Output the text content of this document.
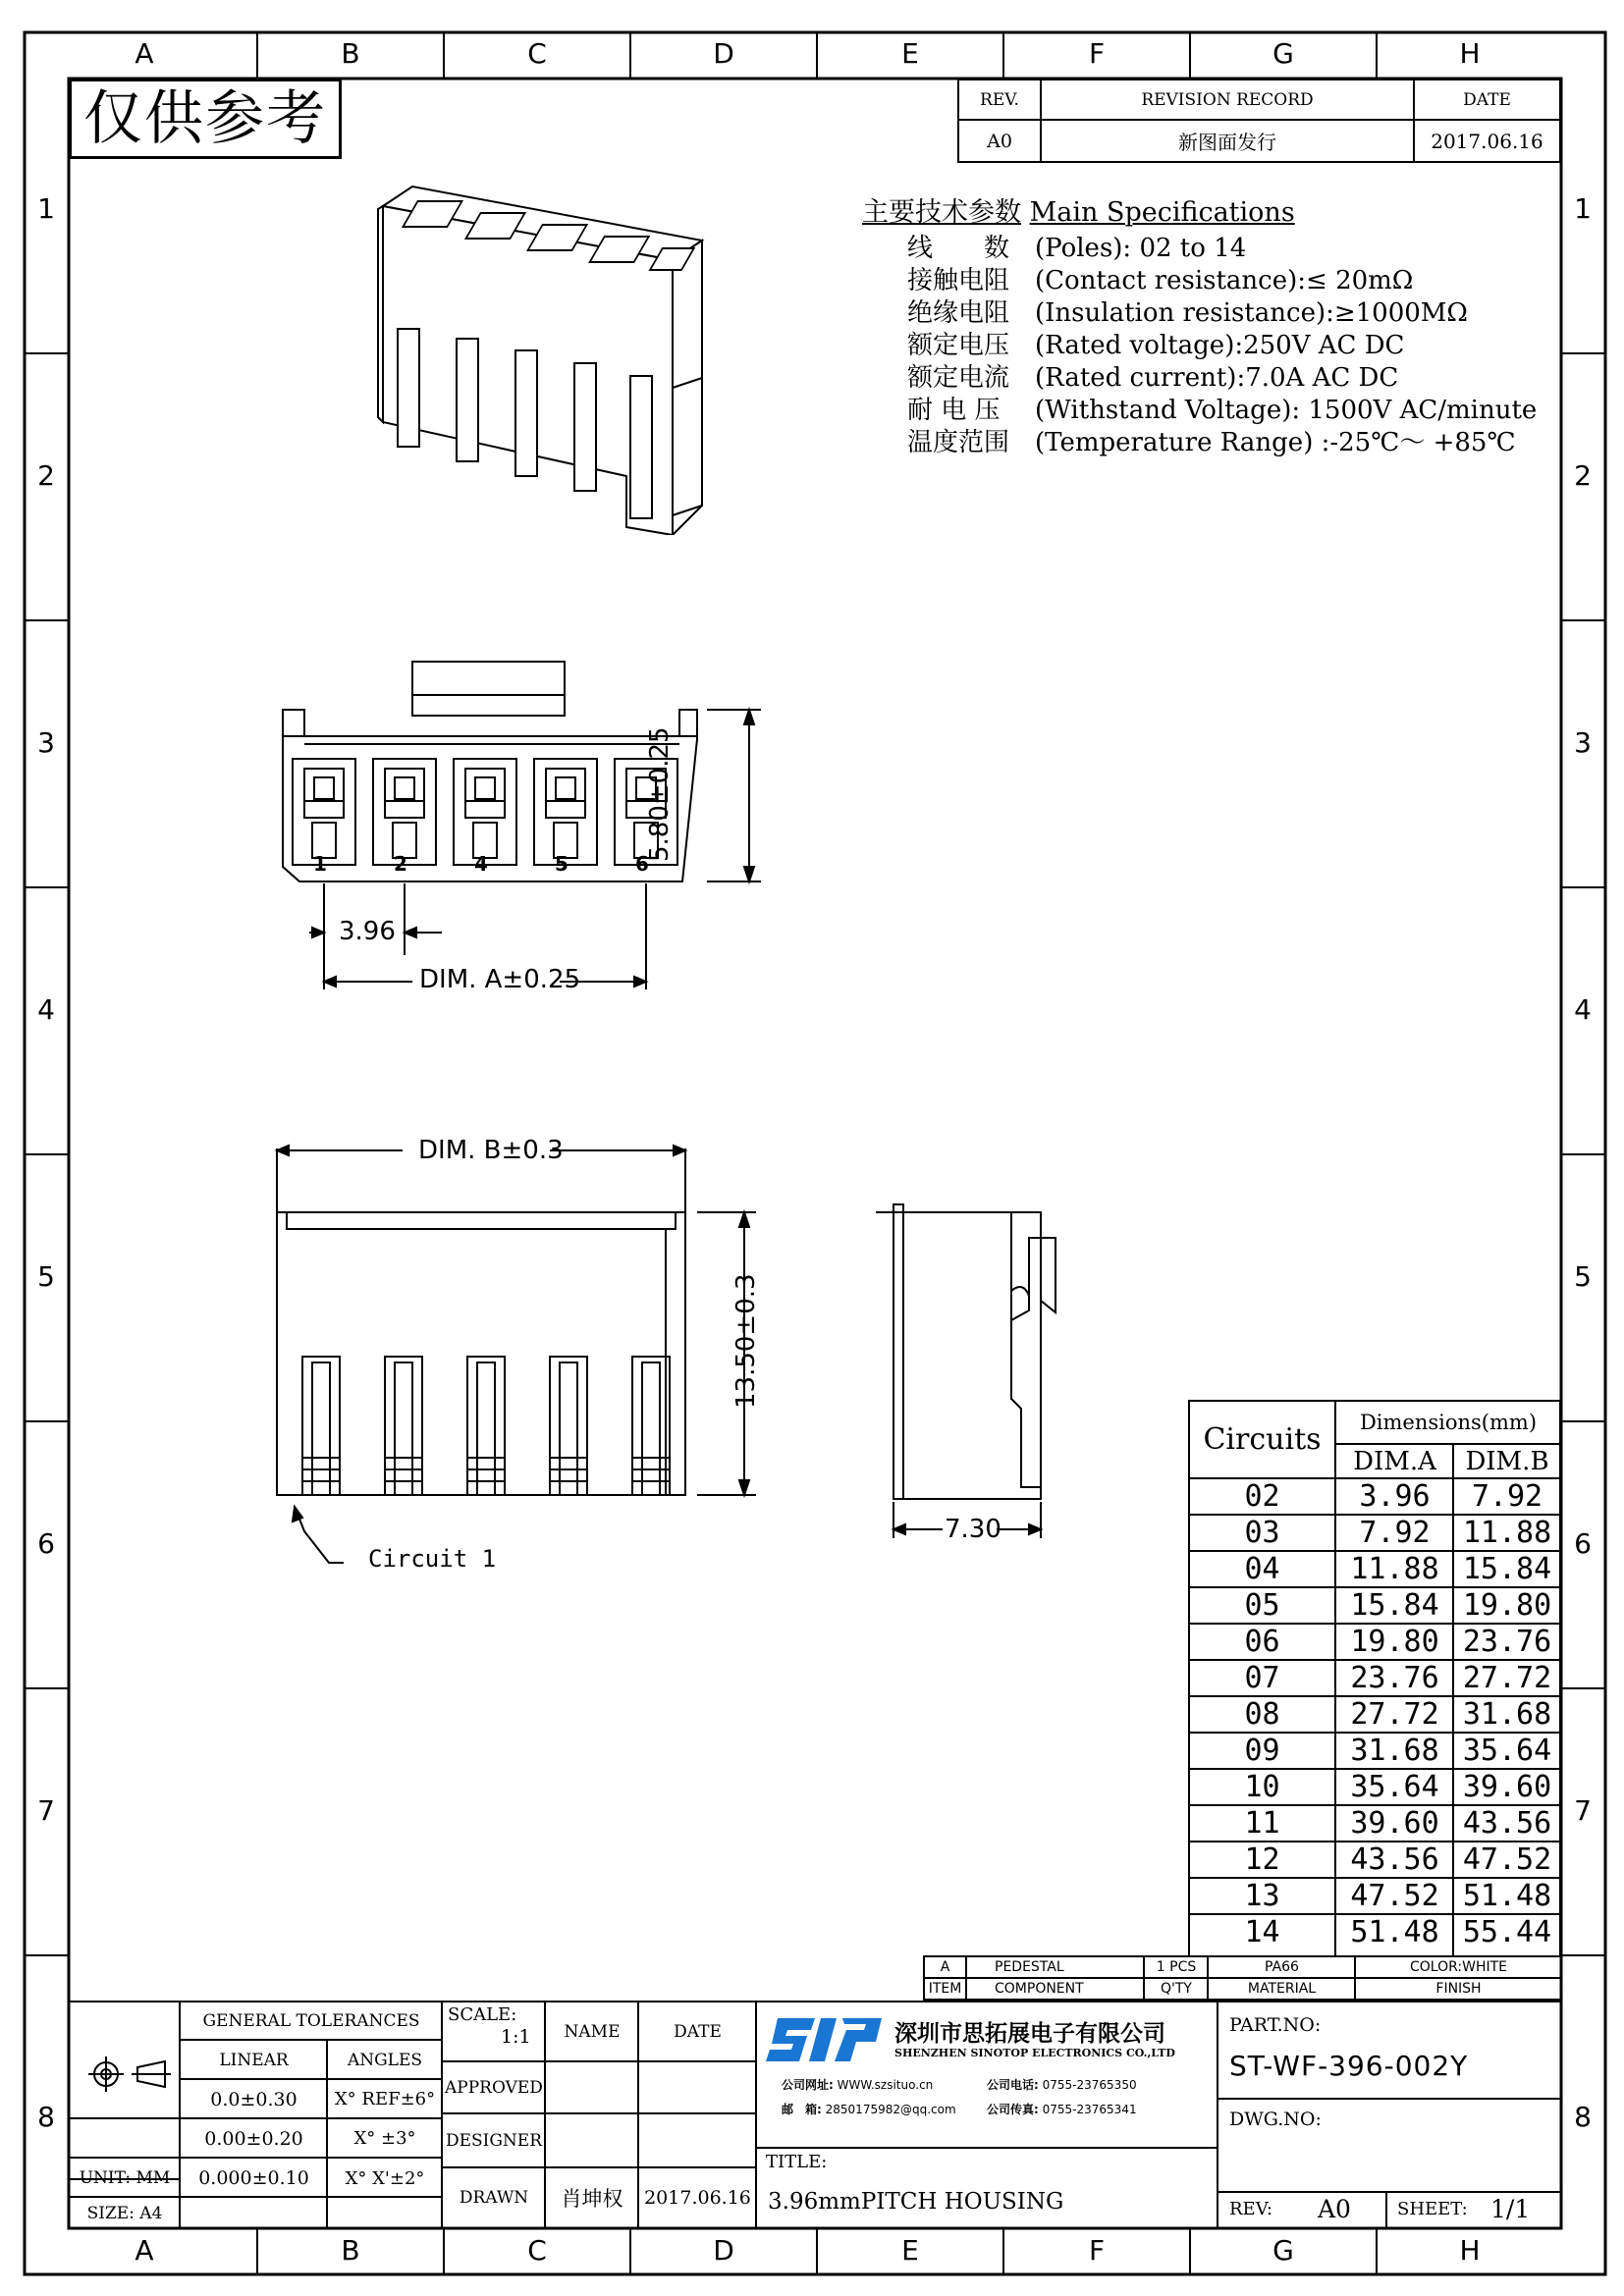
A	B	C	D	E	F	G	H
A	B	C	D	E	F	G	H
1
2
3
4
5
6
7
8
1
2
3
4
5
6
7
8
仅供参考	REV.	REVISION RECORD	DATE
A0	新图面发行	2017.06.16
主要技术参数 Main Specifications
线　　数 (Poles): 02 to 14
接触电阻 (Contact resistance):≤ 20mΩ
绝缘电阻 (Insulation resistance):≥1000MΩ
额定电压 (Rated voltage):250V AC DC
额定电流 (Rated current):7.0A AC DC
耐 电 压 (Withstand Voltage): 1500V AC/minute
温度范围 (Temperature Range) :-25℃～ +85℃
1	2	4	5	6
3.96
DIM. A±0.25
5.80±0.25
DIM. B±0.3
13.50±0.3
Circuit 1
7.30
Circuits	Dimensions(mm)
DIM.A	DIM.B
02	3.96	7.92
03	7.92	11.88
04	11.88 15.84
05	15.84 19.80
06	19.80 23.76
07	23.76 27.72
08	27.72 31.68
09	31.68 35.64
10	35.64 39.60
11	39.60 43.56
12	43.56 47.52
13	47.52 51.48
14	51.48 55.44
A	PEDESTAL	1 PCS	PA66	COLOR:WHITE
ITEM	COMPONENT	Q'TY	MATERIAL	FINISH
GENERAL TOLERANCES
LINEAR	ANGLES
0.0±0.30	X° REF±6°
0.00±0.20	X° ±3°
0.000±0.10	X° X'±2°
UNIT: MM
SIZE: A4
SCALE:
1:1	NAME	DATE
APPROVED
DESIGNER
DRAWN	肖坤权	2017.06.16
深圳市思拓展电子有限公司
SHENZHEN SINOTOP ELECTRONICS CO.,LTD
公司网址: WWW.szsituo.cn	公司电话: 0755-23765350
邮　箱: 2850175982@qq.com	公司传真: 0755-23765341
TITLE:
3.96mmPITCH HOUSING
PART.NO:
ST-WF-396-002Y
DWG.NO:
REV: A0	SHEET: 1/1
